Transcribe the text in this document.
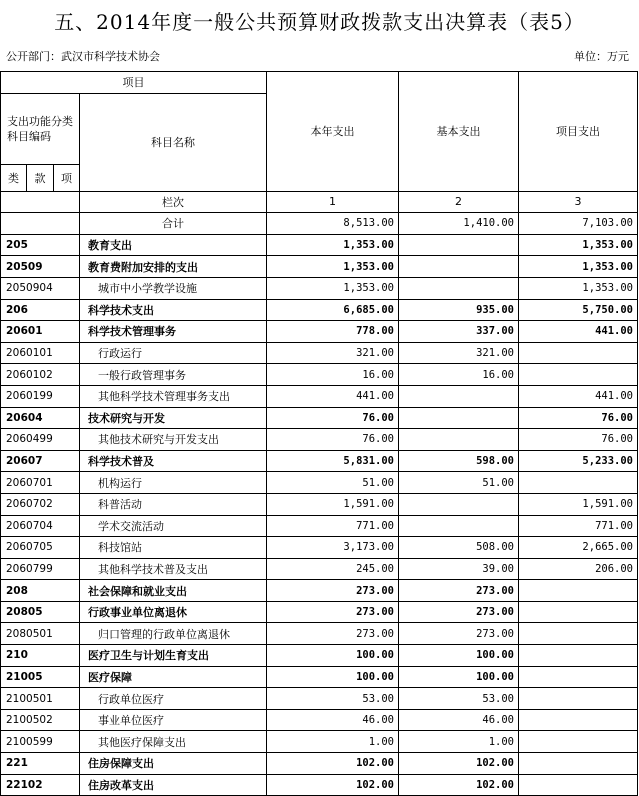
五、2014年度一般公共预算财政拨款支出决算表（表5）
公开部门：武汉市科学技术协会	单位：万元
项目				本年支出	基本支出	项目支出
支出功能分类科目编码			科目名称			
类	款	项				

			栏次	1	2	3
			合计	8,513.00	1,410.00	7,103.00
205			教育支出	1,353.00		1,353.00
20509			教育费附加安排的支出	1,353.00		1,353.00
2050904			城市中小学教学设施	1,353.00		1,353.00
206			科学技术支出	6,685.00	935.00	5,750.00
20601			科学技术管理事务	778.00	337.00	441.00
2060101			行政运行	321.00	321.00	
2060102			一般行政管理事务	16.00	16.00	
2060199			其他科学技术管理事务支出	441.00		441.00
20604			技术研究与开发	76.00		76.00
2060499			其他技术研究与开发支出	76.00		76.00
20607			科学技术普及	5,831.00	598.00	5,233.00
2060701			机构运行	51.00	51.00	
2060702			科普活动	1,591.00		1,591.00
2060704			学术交流活动	771.00		771.00
2060705			科技馆站	3,173.00	508.00	2,665.00
2060799			其他科学技术普及支出	245.00	39.00	206.00
208			社会保障和就业支出	273.00	273.00	
20805			行政事业单位离退休	273.00	273.00	
2080501			归口管理的行政单位离退休	273.00	273.00	
210			医疗卫生与计划生育支出	100.00	100.00	
21005			医疗保障	100.00	100.00	
2100501			行政单位医疗	53.00	53.00	
2100502			事业单位医疗	46.00	46.00	
2100599			其他医疗保障支出	1.00	1.00	
221			住房保障支出	102.00	102.00	
22102			住房改革支出	102.00	102.00	
